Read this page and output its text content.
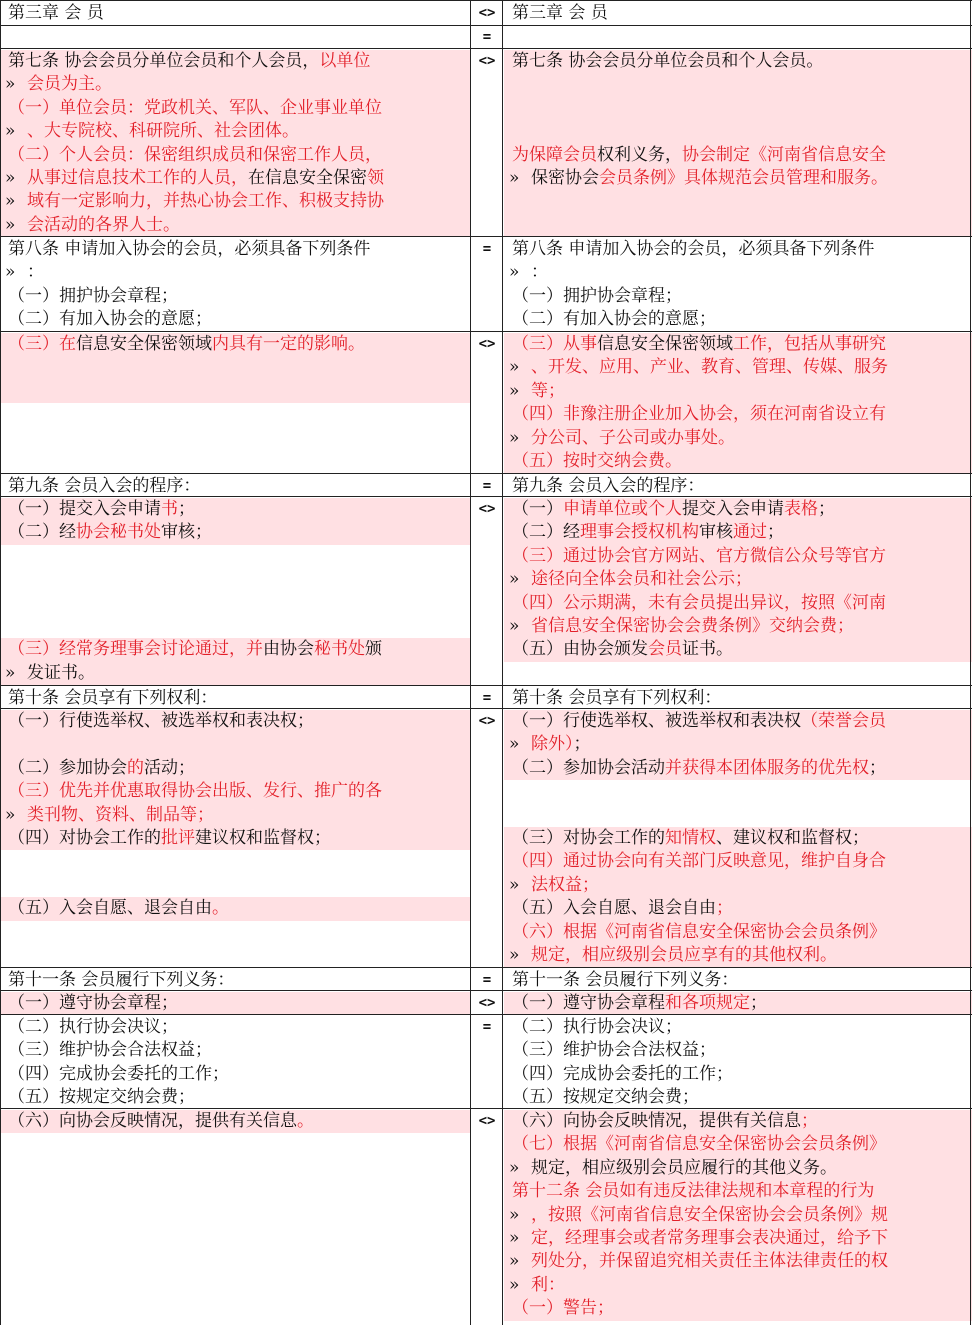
第三章 会 员
第七条 协会会员分单位会员和个人会员，以单位
» 会员为主。
（一）单位会员：党政机关、军队、企业事业单位
» 、大专院校、科研院所、社会团体。
（二）个人会员：保密组织成员和保密工作人员，
» 从事过信息技术工作的人员，在信息安全保密领
» 域有一定影响力，并热心协会工作、积极支持协
» 会活动的各界人士。
第八条 申请加入协会的会员，必须具备下列条件
» ：
（一）拥护协会章程；
（二）有加入协会的意愿；
（三）在信息安全保密领域内具有一定的影响。
第九条 会员入会的程序：
（一）提交入会申请书；
（二）经协会秘书处审核；
（三）经常务理事会讨论通过，并由协会秘书处颁
» 发证书。
第十条 会员享有下列权利：
（一）行使选举权、被选举权和表决权；
（二）参加协会的活动；
（三）优先并优惠取得协会出版、发行、推广的各
» 类刊物、资料、制品等；
（四）对协会工作的批评建议权和监督权；
（五）入会自愿、退会自由。
第十一条 会员履行下列义务：
（一）遵守协会章程；
（二）执行协会决议；
（三）维护协会合法权益；
（四）完成协会委托的工作；
（五）按规定交纳会费；
（六）向协会反映情况，提供有关信息。
<>
=
<>
=
<>
=
<>
=
<>
=
<>
=
<>
第三章 会 员
第七条 协会会员分单位会员和个人会员。
为保障会员权利义务，协会制定《河南省信息安全
» 保密协会会员条例》具体规范会员管理和服务。
第八条 申请加入协会的会员，必须具备下列条件
» ：
（一）拥护协会章程；
（二）有加入协会的意愿；
（三）从事信息安全保密领域工作，包括从事研究
» 、开发、应用、产业、教育、管理、传媒、服务
» 等；
（四）非豫注册企业加入协会，须在河南省设立有
» 分公司、子公司或办事处。
（五）按时交纳会费。
第九条 会员入会的程序：
（一）申请单位或个人提交入会申请表格；
（二）经理事会授权机构审核通过；
（三）通过协会官方网站、官方微信公众号等官方
» 途径向全体会员和社会公示；
（四）公示期满，未有会员提出异议，按照《河南
» 省信息安全保密协会会费条例》交纳会费；
（五）由协会颁发会员证书。
第十条 会员享有下列权利：
（一）行使选举权、被选举权和表决权（荣誉会员
» 除外）；
（二）参加协会活动并获得本团体服务的优先权；
（三）对协会工作的知情权、建议权和监督权；
（四）通过协会向有关部门反映意见，维护自身合
» 法权益；
（五）入会自愿、退会自由；
（六）根据《河南省信息安全保密协会会员条例》
» 规定，相应级别会员应享有的其他权利。
第十一条 会员履行下列义务：
（一）遵守协会章程和各项规定；
（二）执行协会决议；
（三）维护协会合法权益；
（四）完成协会委托的工作；
（五）按规定交纳会费；
（六）向协会反映情况，提供有关信息；
（七）根据《河南省信息安全保密协会会员条例》
» 规定，相应级别会员应履行的其他义务。
第十二条 会员如有违反法律法规和本章程的行为
» ，按照《河南省信息安全保密协会会员条例》规
» 定，经理事会或者常务理事会表决通过，给予下
» 列处分，并保留追究相关责任主体法律责任的权
» 利：
（一）警告；
